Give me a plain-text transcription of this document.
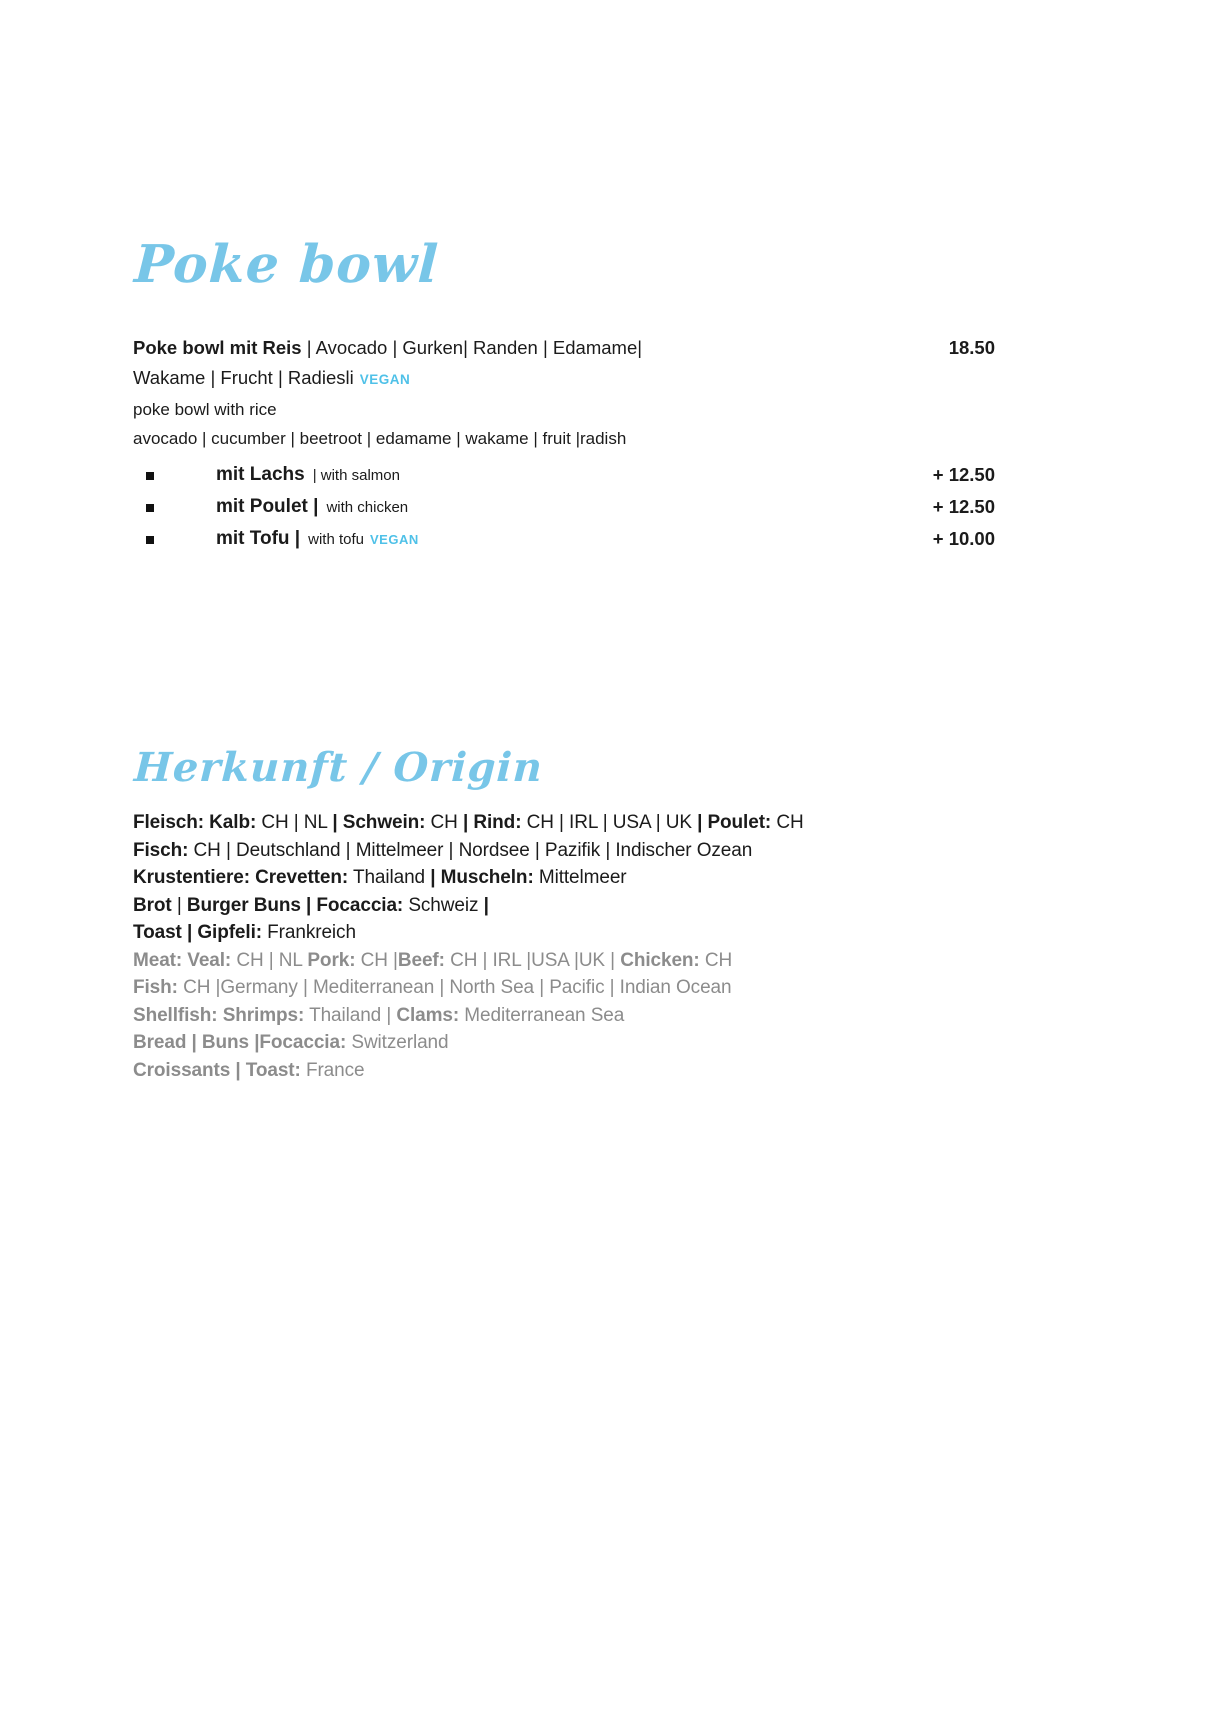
Poke bowl
Poke bowl mit Reis | Avocado | Gurken| Randen | Edamame|
Wakame | Frucht | Radiesli VEGAN
poke bowl with rice
avocado | cucumber | beetroot | edamame | wakame | fruit |radish
18.50
mit Lachs | with salmon	+ 12.50
mit Poulet | with chicken	+ 12.50
mit Tofu | with tofu VEGAN	+ 10.00
Herkunft / Origin
Fleisch: Kalb: CH | NL | Schwein: CH | Rind: CH | IRL | USA | UK | Poulet: CH
Fisch: CH | Deutschland | Mittelmeer | Nordsee | Pazifik | Indischer Ozean
Krustentiere: Crevetten: Thailand | Muscheln: Mittelmeer
Brot | Burger Buns | Focaccia: Schweiz |
Toast | Gipfeli: Frankreich
Meat: Veal: CH | NL Pork: CH |Beef: CH | IRL |USA |UK | Chicken: CH
Fish: CH |Germany | Mediterranean | North Sea | Pacific | Indian Ocean
Shellfish: Shrimps: Thailand | Clams: Mediterranean Sea
Bread | Buns |Focaccia: Switzerland
Croissants | Toast: France
